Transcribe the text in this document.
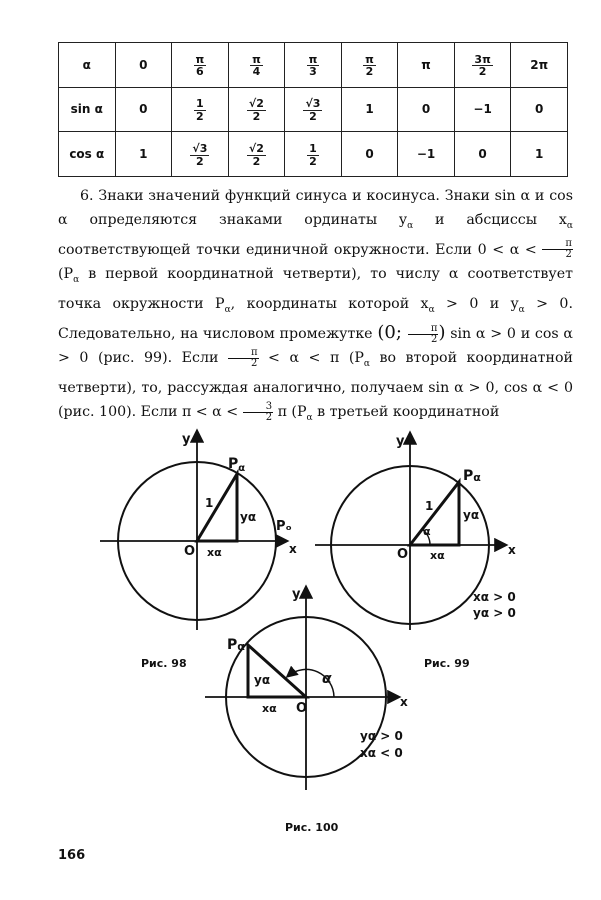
α	0	$\frac{\pi}{6}$	$\frac{\pi}{4}$	$\frac{\pi}{3}$	$\frac{\pi}{2}$	π	$\frac{3\pi}{2}$	2π
sin α	0	$\frac{1}{2}$	$\frac{√2}{2}$	$\frac{√3}{2}$	1	0	−1	0
cos α	1	$\frac{√3}{2}$	$\frac{√2}{2}$	$\frac{1}{2}$	0	−1	0	1

6. Знаки значений функций синуса и косинуса. Знаки sin α и cos α определяются знаками ординаты $y_\alpha$ и абсциссы $x_\alpha$ соответствующей точки единичной окружности. Если $0 < \alpha < \frac{\pi}{2}$
($P_\alpha$ в первой координатной четверти), то числу α соответствует точка окружности $P_\alpha$, координаты которой $x_\alpha > 0$ и $y_\alpha > 0$. Следовательно, на числовом промежутке (0; $\frac{\pi}{2}$ ) sin α > 0 и cos α > 0 (рис. 99). Если $\frac{\pi}{2} < \alpha < \pi$ ($P_\alpha$ во второй координатной четверти), то, рассуждая аналогично, получаем sin α > 0, cos α < 0 (рис. 100). Если $\pi < \alpha < \frac{3}{2}$ π ($P_\alpha$ в третьей координатной

y
x
O
$P_\alpha$
1
yα
xα
Pₒ
y
x
O
Pα
1
α
yα
xα
xα > 0
yα > 0
y
x
O
Pα
α
yα
xα
yα > 0
xα < 0
Рис. 98	Рис. 99
Рис. 100
166
